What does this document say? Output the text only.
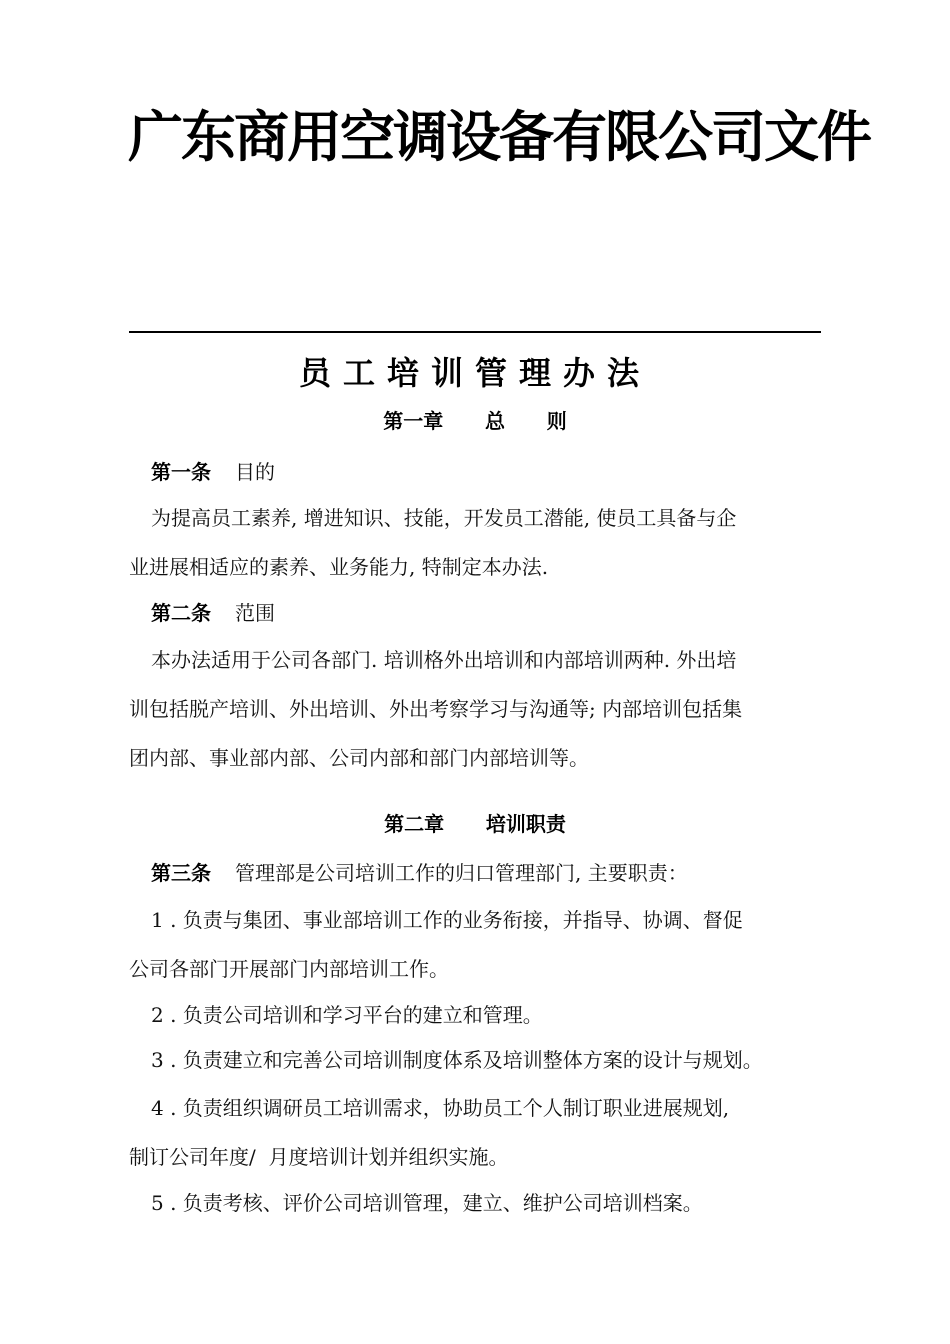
广东商用空调设备有限公司文件
员工培训管理办法
第一章      总      则
第一条 目的
为提高员工素养, 增进知识、技能，开发员工潜能, 使员工具备与企
业进展相适应的素养、业务能力, 特制定本办法.
第二条 范围
本办法适用于公司各部门. 培训格外出培训和内部培训两种. 外出培
训包括脱产培训、外出培训、外出考察学习与沟通等; 内部培训包括集
团内部、事业部内部、公司内部和部门内部培训等。
第二章      培训职责
第三条 管理部是公司培训工作的归口管理部门, 主要职责：
1 . 负责与集团、事业部培训工作的业务衔接，并指导、协调、督促
公司各部门开展部门内部培训工作。
2 . 负责公司培训和学习平台的建立和管理。
3 . 负责建立和完善公司培训制度体系及培训整体方案的设计与规划。
4 . 负责组织调研员工培训需求，协助员工个人制订职业进展规划,
制订公司年度/  月度培训计划并组织实施。
5 . 负责考核、评价公司培训管理，建立、维护公司培训档案。
